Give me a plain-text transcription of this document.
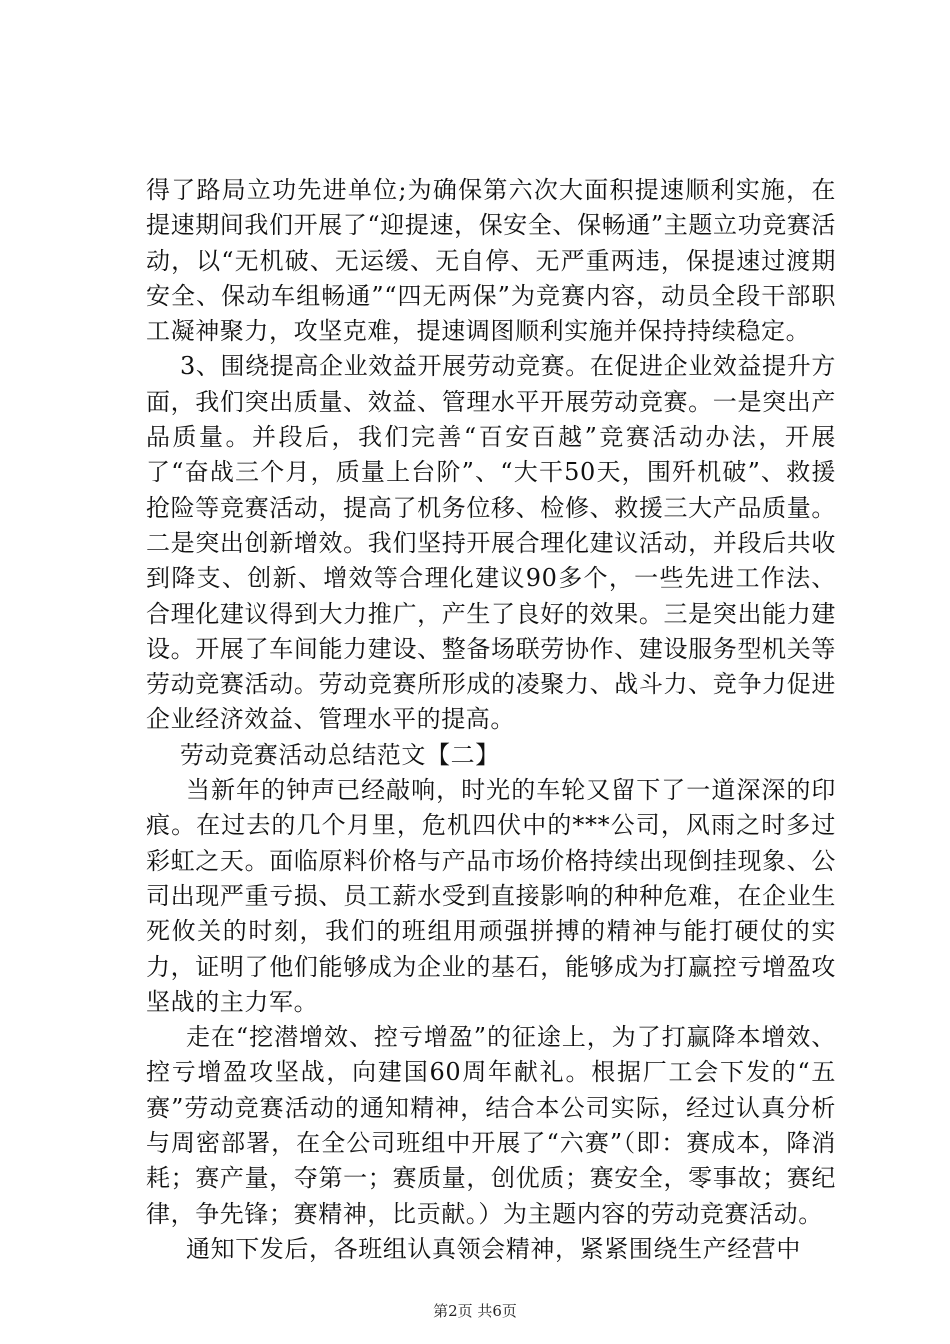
得了路局立功先进单位;为确保第六次大面积提速顺利实施，在提速期间我们开展了“迎提速，保安全、保畅通”主题立功竞赛活动，以“无机破、无运缓、无自停、无严重两违，保提速过渡期安全、保动车组畅通”“四无两保”为竞赛内容，动员全段干部职工凝神聚力，攻坚克难，提速调图顺利实施并保持持续稳定。

3、围绕提高企业效益开展劳动竞赛。在促进企业效益提升方面，我们突出质量、效益、管理水平开展劳动竞赛。一是突出产品质量。并段后，我们完善“百安百越”竞赛活动办法，开展了“奋战三个月，质量上台阶”、“大干50天，围歼机破”、救援抢险等竞赛活动，提高了机务位移、检修、救援三大产品质量。二是突出创新增效。我们坚持开展合理化建议活动，并段后共收到降支、创新、增效等合理化建议90多个，一些先进工作法、合理化建议得到大力推广，产生了良好的效果。三是突出能力建设。开展了车间能力建设、整备场联劳协作、建设服务型机关等劳动竞赛活动。劳动竞赛所形成的凌聚力、战斗力、竞争力促进企业经济效益、管理水平的提高。

劳动竞赛活动总结范文【二】

当新年的钟声已经敲响，时光的车轮又留下了一道深深的印痕。在过去的几个月里，危机四伏中的***公司，风雨之时多过彩虹之天。面临原料价格与产品市场价格持续出现倒挂现象、公司出现严重亏损、员工薪水受到直接影响的种种危难，在企业生死攸关的时刻，我们的班组用顽强拼搏的精神与能打硬仗的实力，证明了他们能够成为企业的基石，能够成为打赢控亏增盈攻坚战的主力军。

走在“挖潜增效、控亏增盈”的征途上，为了打赢降本增效、控亏增盈攻坚战，向建国60周年献礼。根据厂工会下发的“五赛”劳动竞赛活动的通知精神，结合本公司实际，经过认真分析与周密部署，在全公司班组中开展了“六赛”（即：赛成本，降消耗；赛产量，夺第一；赛质量，创优质；赛安全，零事故；赛纪律，争先锋；赛精神，比贡献。）为主题内容的劳动竞赛活动。

通知下发后，各班组认真领会精神，紧紧围绕生产经营中

第2页 共6页
